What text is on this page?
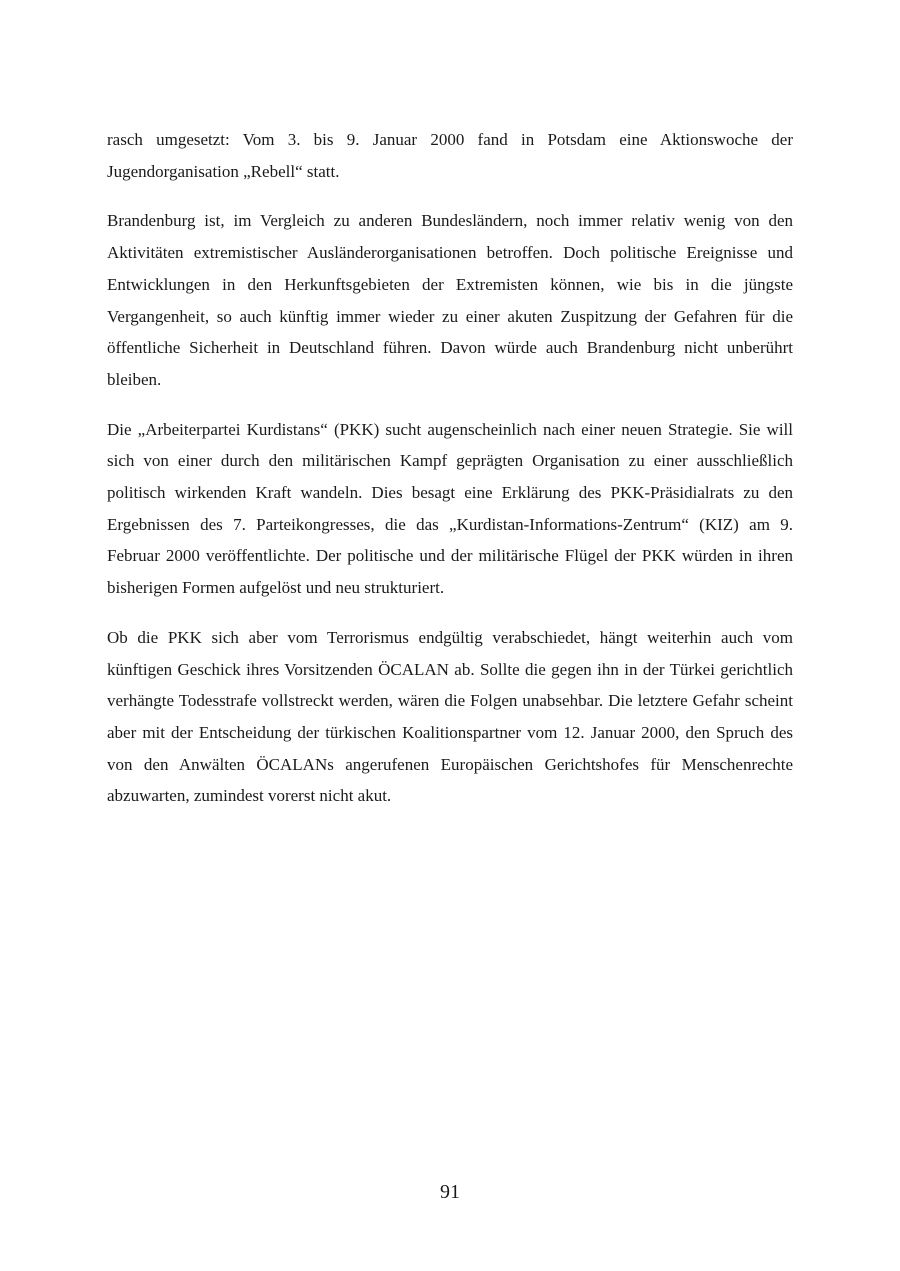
rasch umgesetzt: Vom 3. bis 9. Januar 2000 fand in Potsdam eine Aktionswoche der Jugendorganisation „Rebell“ statt.

Brandenburg ist, im Vergleich zu anderen Bundesländern, noch immer relativ wenig von den Aktivitäten extremistischer Ausländerorganisationen betroffen. Doch politische Ereignisse und Entwicklungen in den Herkunftsgebieten der Extremisten können, wie bis in die jüngste Vergangenheit, so auch künftig immer wieder zu einer akuten Zuspitzung der Gefahren für die öffentliche Sicherheit in Deutschland führen. Davon würde auch Brandenburg nicht unberührt bleiben.

Die „Arbeiterpartei Kurdistans“ (PKK) sucht augenscheinlich nach einer neuen Strategie. Sie will sich von einer durch den militärischen Kampf geprägten Organisation zu einer ausschließlich politisch wirkenden Kraft wandeln. Dies besagt eine Erklärung des PKK-Präsidialrats zu den Ergebnissen des 7. Parteikongresses, die das „Kurdistan-Informations-Zentrum“ (KIZ) am 9. Februar 2000 veröffentlichte. Der politische und der militärische Flügel der PKK würden in ihren bisherigen Formen aufgelöst und neu strukturiert.

Ob die PKK sich aber vom Terrorismus endgültig verabschiedet, hängt weiterhin auch vom künftigen Geschick ihres Vorsitzenden ÖCALAN ab. Sollte die gegen ihn in der Türkei gerichtlich verhängte Todesstrafe vollstreckt werden, wären die Folgen unabsehbar. Die letztere Gefahr scheint aber mit der Entscheidung der türkischen Koalitionspartner vom 12. Januar 2000, den Spruch des von den Anwälten ÖCALANs angerufenen Europäischen Gerichtshofes für Menschenrechte abzuwarten, zumindest vorerst nicht akut.

91
